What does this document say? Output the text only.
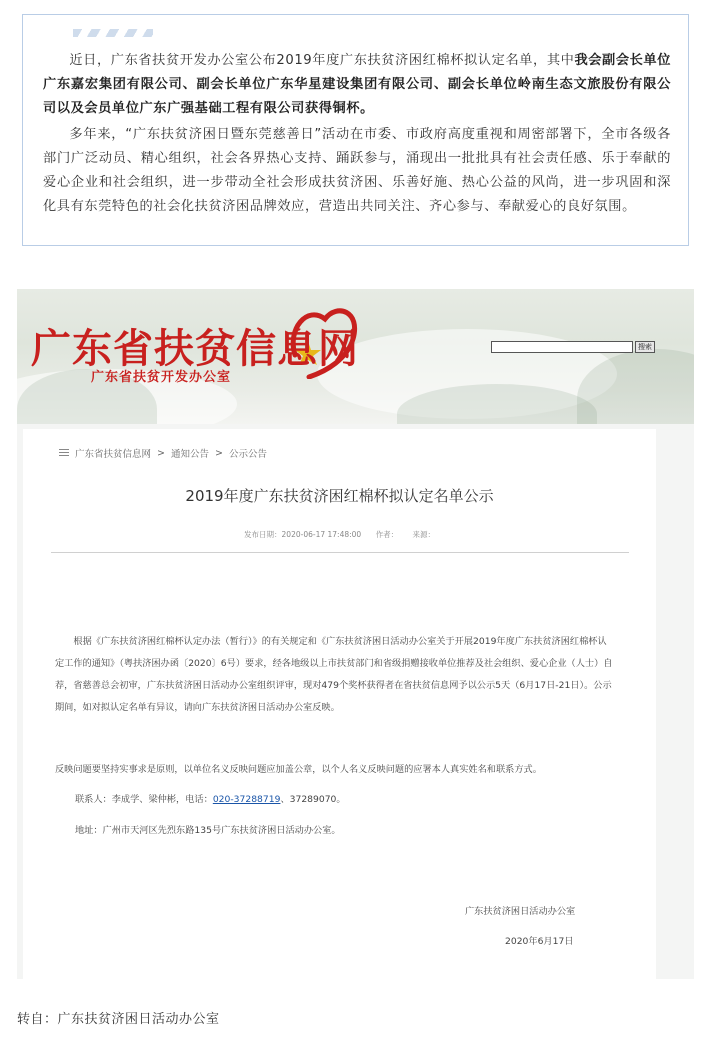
近日，广东省扶贫开发办公室公布2019年度广东扶贫济困红棉杯拟认定名单，其中我会副会长单位广东嘉宏集团有限公司、副会长单位广东华星建设集团有限公司、副会长单位岭南生态文旅股份有限公司以及会员单位广东广强基础工程有限公司获得铜杯。

多年来，“广东扶贫济困日暨东莞慈善日”活动在市委、市政府高度重视和周密部署下，全市各级各部门广泛动员、精心组织，社会各界热心支持、踊跃参与，涌现出一批批具有社会责任感、乐于奉献的爱心企业和社会组织，进一步带动全社会形成扶贫济困、乐善好施、热心公益的风尚，进一步巩固和深化具有东莞特色的社会化扶贫济困品牌效应，营造出共同关注、齐心参与、奉献爱心的良好氛围。

广东省扶贫信息网
广东省扶贫开发办公室
搜索
广东省扶贫信息网 > 通知公告 > 公示公告
2019年度广东扶贫济困红棉杯拟认定名单公示
发布日期：2020-06-17 17:48:00 作者： 来源：
根据《广东扶贫济困红棉杯认定办法（暂行）》的有关规定和《广东扶贫济困日活动办公室关于开展2019年度广东扶贫济困红棉杯认定工作的通知》（粤扶济困办函〔2020〕6号）要求，经各地级以上市扶贫部门和省级捐赠接收单位推荐及社会组织、爱心企业（人士）自荐，省慈善总会初审，广东扶贫济困日活动办公室组织评审，现对479个奖杯获得者在省扶贫信息网予以公示5天（6月17日-21日）。公示期间，如对拟认定名单有异议，请向广东扶贫济困日活动办公室反映。
反映问题要坚持实事求是原则，以单位名义反映问题应加盖公章，以个人名义反映问题的应署本人真实姓名和联系方式。
联系人：李成学、梁仲彬，电话：020-37288719、37289070。
地址：广州市天河区先烈东路135号广东扶贫济困日活动办公室。
广东扶贫济困日活动办公室
2020年6月17日
转自：广东扶贫济困日活动办公室
